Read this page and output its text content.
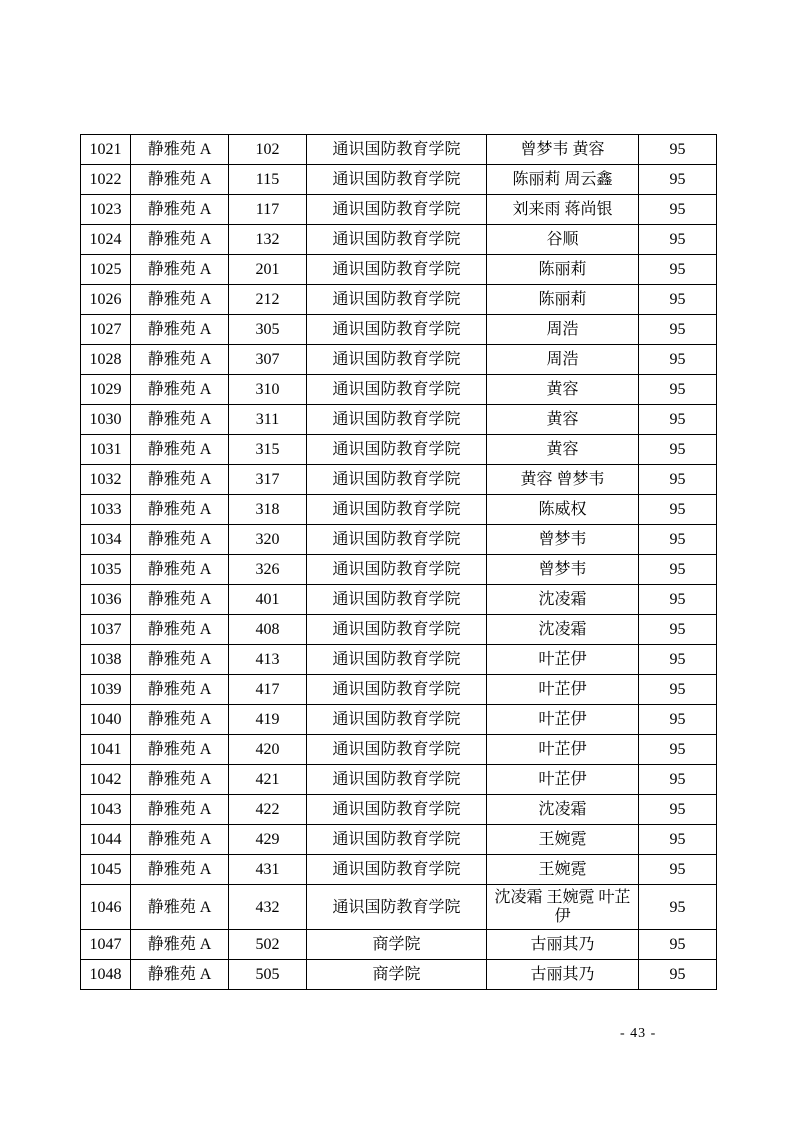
1021	静雅苑 A	102	通识国防教育学院	曾梦韦 黄容	95
1022	静雅苑 A	115	通识国防教育学院	陈丽莉 周云鑫	95
1023	静雅苑 A	117	通识国防教育学院	刘来雨 蒋尚银	95
1024	静雅苑 A	132	通识国防教育学院	谷顺	95
1025	静雅苑 A	201	通识国防教育学院	陈丽莉	95
1026	静雅苑 A	212	通识国防教育学院	陈丽莉	95
1027	静雅苑 A	305	通识国防教育学院	周浩	95
1028	静雅苑 A	307	通识国防教育学院	周浩	95
1029	静雅苑 A	310	通识国防教育学院	黄容	95
1030	静雅苑 A	311	通识国防教育学院	黄容	95
1031	静雅苑 A	315	通识国防教育学院	黄容	95
1032	静雅苑 A	317	通识国防教育学院	黄容 曾梦韦	95
1033	静雅苑 A	318	通识国防教育学院	陈威权	95
1034	静雅苑 A	320	通识国防教育学院	曾梦韦	95
1035	静雅苑 A	326	通识国防教育学院	曾梦韦	95
1036	静雅苑 A	401	通识国防教育学院	沈凌霜	95
1037	静雅苑 A	408	通识国防教育学院	沈凌霜	95
1038	静雅苑 A	413	通识国防教育学院	叶芷伊	95
1039	静雅苑 A	417	通识国防教育学院	叶芷伊	95
1040	静雅苑 A	419	通识国防教育学院	叶芷伊	95
1041	静雅苑 A	420	通识国防教育学院	叶芷伊	95
1042	静雅苑 A	421	通识国防教育学院	叶芷伊	95
1043	静雅苑 A	422	通识国防教育学院	沈凌霜	95
1044	静雅苑 A	429	通识国防教育学院	王婉霓	95
1045	静雅苑 A	431	通识国防教育学院	王婉霓	95
1046	静雅苑 A	432	通识国防教育学院	沈凌霜 王婉霓 叶芷伊	95
1047	静雅苑 A	502	商学院	古丽其乃	95
1048	静雅苑 A	505	商学院	古丽其乃	95
- 43 -
